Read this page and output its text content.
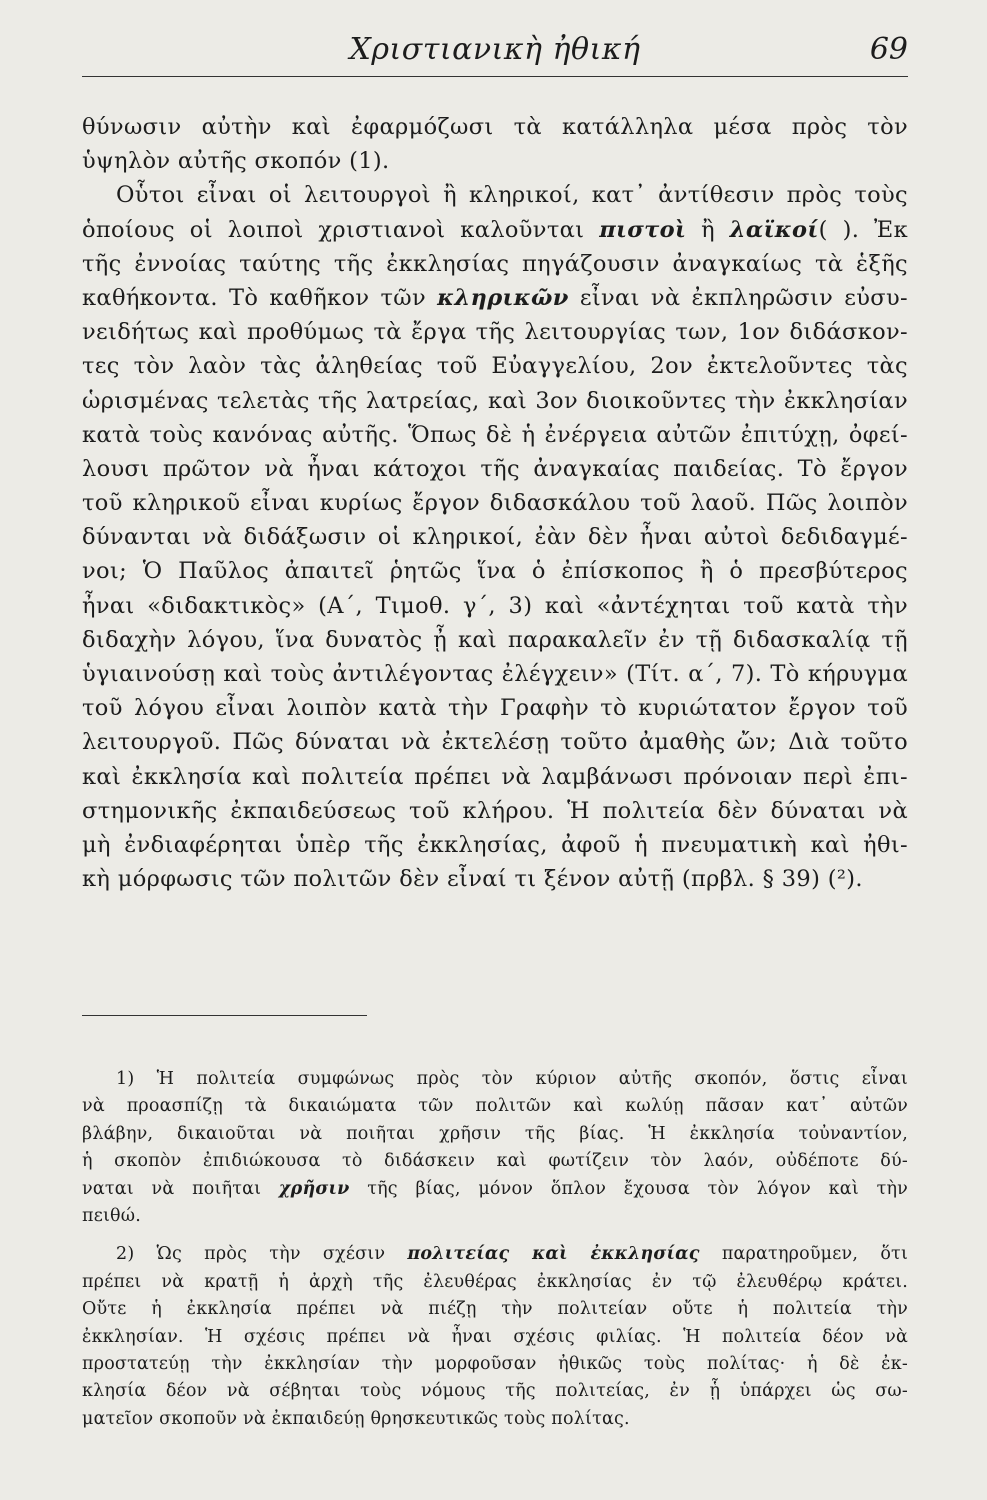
Χριστιανικὴ ἠθική	69
θύνωσιν αὐτὴν καὶ ἐφαρμόζωσι τὰ κατάλληλα μέσα πρὸς τὸν
ὑψηλὸν αὐτῆς σκοπόν (1).
Οὗτοι εἶναι οἱ λειτουργοὶ ἢ κληρικοί, κατ᾽ ἀντίθεσιν πρὸς τοὺς
ὁποίους οἱ λοιποὶ χριστιανοὶ καλοῦνται πιστοὶ ἢ λαϊκοί( ). Ἐκ
τῆς ἐννοίας ταύτης τῆς ἐκκλησίας πηγάζουσιν ἀναγκαίως τὰ ἑξῆς
καθήκοντα. Τὸ καθῆκον τῶν κληρικῶν εἶναι νὰ ἐκπληρῶσιν εὐσυ-
νειδήτως καὶ προθύμως τὰ ἔργα τῆς λειτουργίας των, 1ον διδάσκον-
τες τὸν λαὸν τὰς ἀληθείας τοῦ Εὐαγγελίου, 2ον ἐκτελοῦντες τὰς
ὡρισμένας τελετὰς τῆς λατρείας, καὶ 3ον διοικοῦντες τὴν ἐκκλησίαν
κατὰ τοὺς κανόνας αὐτῆς. Ὅπως δὲ ἡ ἐνέργεια αὐτῶν ἐπιτύχῃ, ὀφεί-
λουσι πρῶτον νὰ ἦναι κάτοχοι τῆς ἀναγκαίας παιδείας. Τὸ ἔργον
τοῦ κληρικοῦ εἶναι κυρίως ἔργον διδασκάλου τοῦ λαοῦ. Πῶς λοιπὸν
δύνανται νὰ διδάξωσιν οἱ κληρικοί, ἐὰν δὲν ἦναι αὐτοὶ δεδιδαγμέ-
νοι; Ὁ Παῦλος ἀπαιτεῖ ῥητῶς ἵνα ὁ ἐπίσκοπος ἢ ὁ πρεσβύτερος
ἦναι «διδακτικὸς» (Α΄, Τιμοθ. γ΄, 3) καὶ «ἀντέχηται τοῦ κατὰ τὴν
διδαχὴν λόγου, ἵνα δυνατὸς ᾖ καὶ παρακαλεῖν ἐν τῇ διδασκαλίᾳ τῇ
ὑγιαινούσῃ καὶ τοὺς ἀντιλέγοντας ἐλέγχειν» (Τίτ. α΄, 7). Τὸ κήρυγμα
τοῦ λόγου εἶναι λοιπὸν κατὰ τὴν Γραφὴν τὸ κυριώτατον ἔργον τοῦ
λειτουργοῦ. Πῶς δύναται νὰ ἐκτελέσῃ τοῦτο ἀμαθὴς ὤν; Διὰ τοῦτο
καὶ ἐκκλησία καὶ πολιτεία πρέπει νὰ λαμβάνωσι πρόνοιαν περὶ ἐπι-
στημονικῆς ἐκπαιδεύσεως τοῦ κλήρου. Ἡ πολιτεία δὲν δύναται νὰ
μὴ ἐνδιαφέρηται ὑπὲρ τῆς ἐκκλησίας, ἀφοῦ ἡ πνευματικὴ καὶ ἠθι-
κὴ μόρφωσις τῶν πολιτῶν δὲν εἶναί τι ξένον αὐτῇ (πρβλ. § 39) (²).
1) Ἡ πολιτεία συμφώνως πρὸς τὸν κύριον αὐτῆς σκοπόν, ὅστις εἶναι
νὰ προασπίζῃ τὰ δικαιώματα τῶν πολιτῶν καὶ κωλύῃ πᾶσαν κατ᾽ αὐτῶν
βλάβην, δικαιοῦται νὰ ποιῆται χρῆσιν τῆς βίας. Ἡ ἐκκλησία τοὐναντίον,
ἡ σκοπὸν ἐπιδιώκουσα τὸ διδάσκειν καὶ φωτίζειν τὸν λαόν, οὐδέποτε δύ-
ναται νὰ ποιῆται χρῆσιν τῆς βίας, μόνον ὅπλον ἔχουσα τὸν λόγον καὶ τὴν
πειθώ.
2) Ὡς πρὸς τὴν σχέσιν πολιτείας καὶ ἐκκλησίας παρατηροῦμεν, ὅτι
πρέπει νὰ κρατῇ ἡ ἀρχὴ τῆς ἐλευθέρας ἐκκλησίας ἐν τῷ ἐλευθέρῳ κράτει.
Οὔτε ἡ ἐκκλησία πρέπει νὰ πιέζῃ τὴν πολιτείαν οὔτε ἡ πολιτεία τὴν
ἐκκλησίαν. Ἡ σχέσις πρέπει νὰ ἦναι σχέσις φιλίας. Ἡ πολιτεία δέον νὰ
προστατεύῃ τὴν ἐκκλησίαν τὴν μορφοῦσαν ἠθικῶς τοὺς πολίτας· ἡ δὲ ἐκ-
κλησία δέον νὰ σέβηται τοὺς νόμους τῆς πολιτείας, ἐν ᾗ ὑπάρχει ὡς σω-
ματεῖον σκοποῦν νὰ ἐκπαιδεύῃ θρησκευτικῶς τοὺς πολίτας.
